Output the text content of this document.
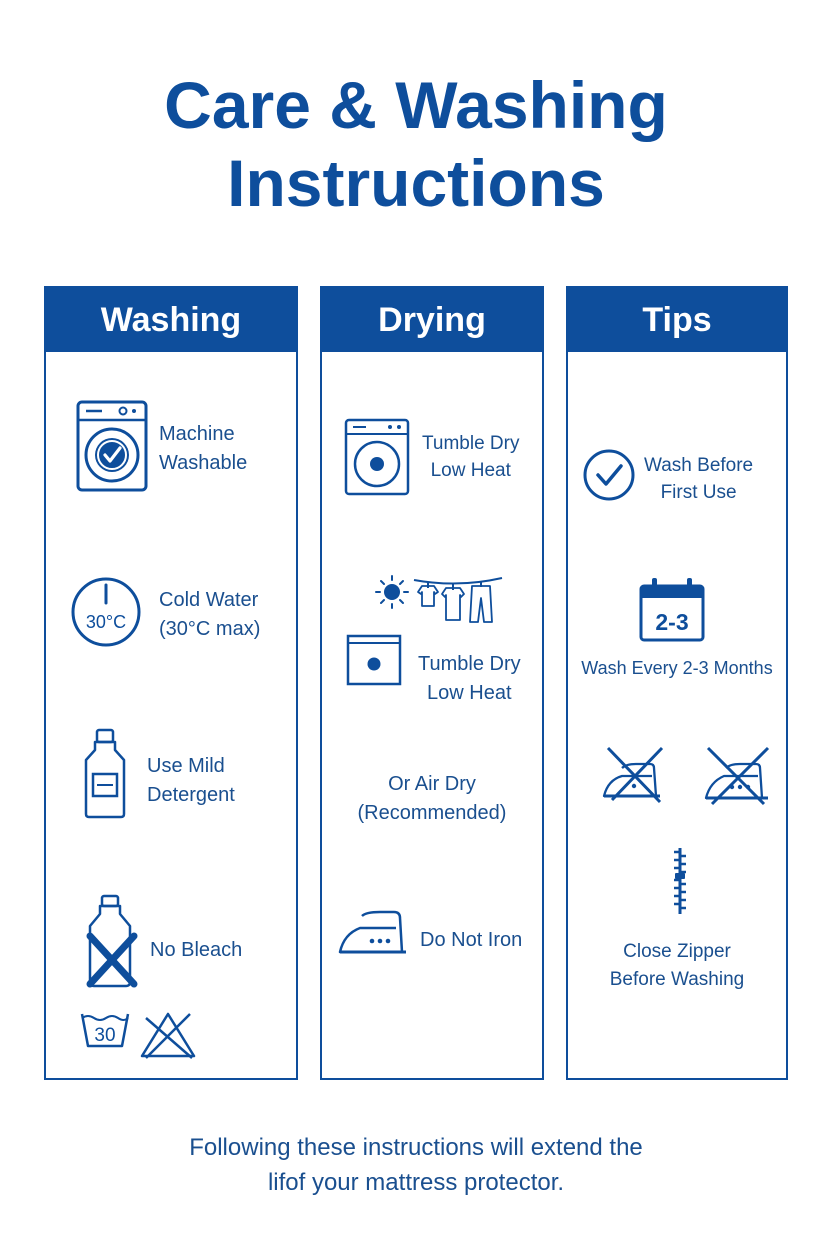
Care & Washing
Instructions
Washing
Machine
Washable
30°C
Cold Water
(30°C max)
Use Mild
Detergent
No Bleach
30
Drying
Tumble Dry
Low Heat
Tumble Dry
Low Heat
Or Air Dry
(Recommended)
Do Not Iron
Tips
Wash Before
First Use
2-3
Wash Every 2-3 Months
Close Zipper
Before Washing
Following these instructions will extend the
lifof your mattress protector.
